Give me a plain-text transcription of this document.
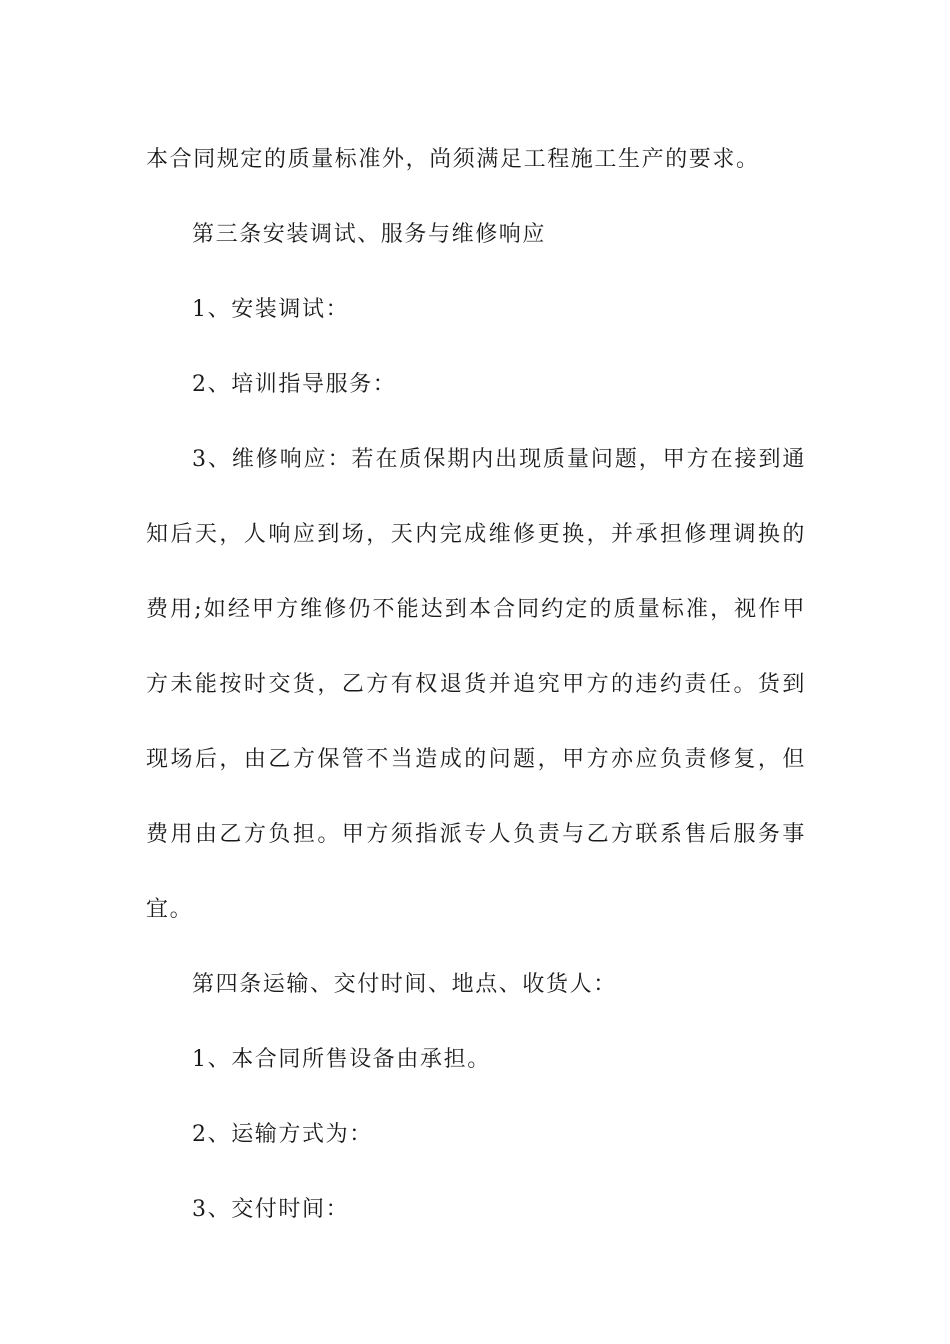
本合同规定的质量标准外，尚须满足工程施工生产的要求。

第三条安装调试、服务与维修响应

1、安装调试：

2、培训指导服务：

3、维修响应：若在质保期内出现质量问题，甲方在接到通知后天，人响应到场，天内完成维修更换，并承担修理调换的费用;如经甲方维修仍不能达到本合同约定的质量标准，视作甲方未能按时交货，乙方有权退货并追究甲方的违约责任。货到现场后，由乙方保管不当造成的问题，甲方亦应负责修复，但费用由乙方负担。甲方须指派专人负责与乙方联系售后服务事宜。

第四条运输、交付时间、地点、收货人：

1、本合同所售设备由承担。

2、运输方式为：

3、交付时间：
